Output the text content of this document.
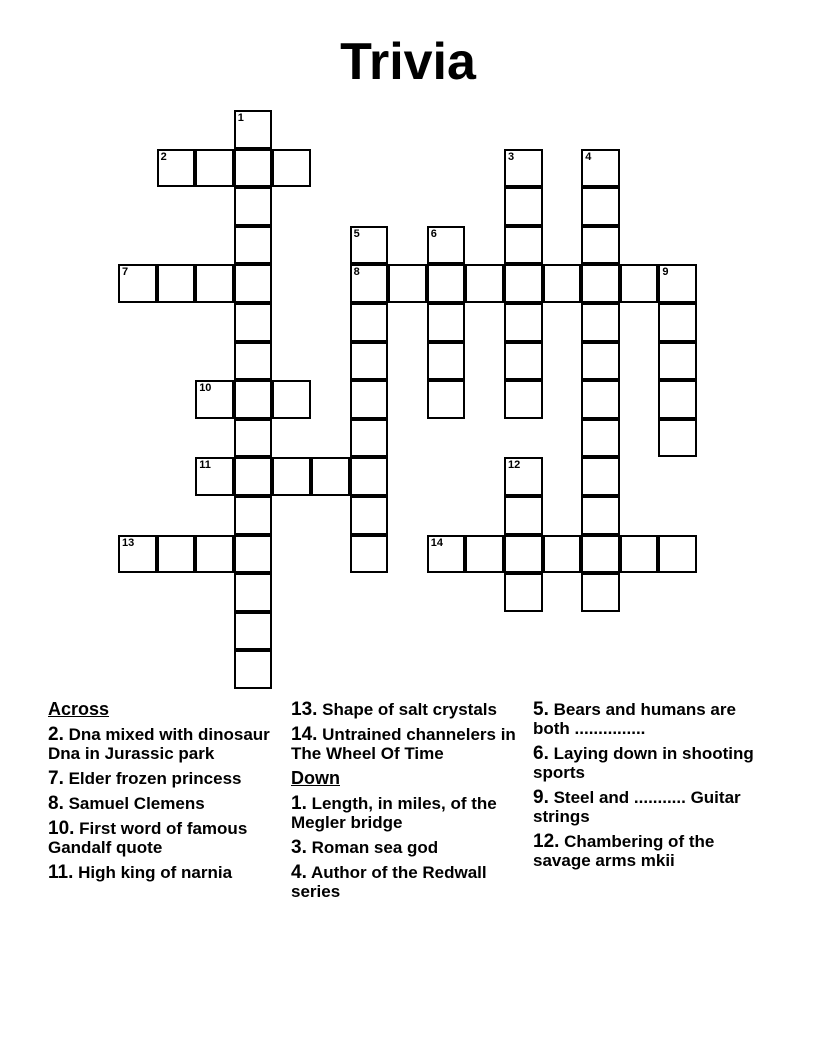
Trivia
1
2	3	4
5
8
6
7	9
10
11	12
13	14
Across
2. Dna mixed with dinosaur Dna in Jurassic park
7. Elder frozen princess
8. Samuel Clemens
10. First word of famous Gandalf quote
11. High king of narnia
13. Shape of salt crystals
14. Untrained channelers in The Wheel Of Time
Down
1. Length, in miles, of the Megler bridge
3. Roman sea god
4. Author of the Redwall series
5. Bears and humans are both ...............
6. Laying down in shooting sports
9. Steel and ........... Guitar strings
12. Chambering of the savage arms mkii
